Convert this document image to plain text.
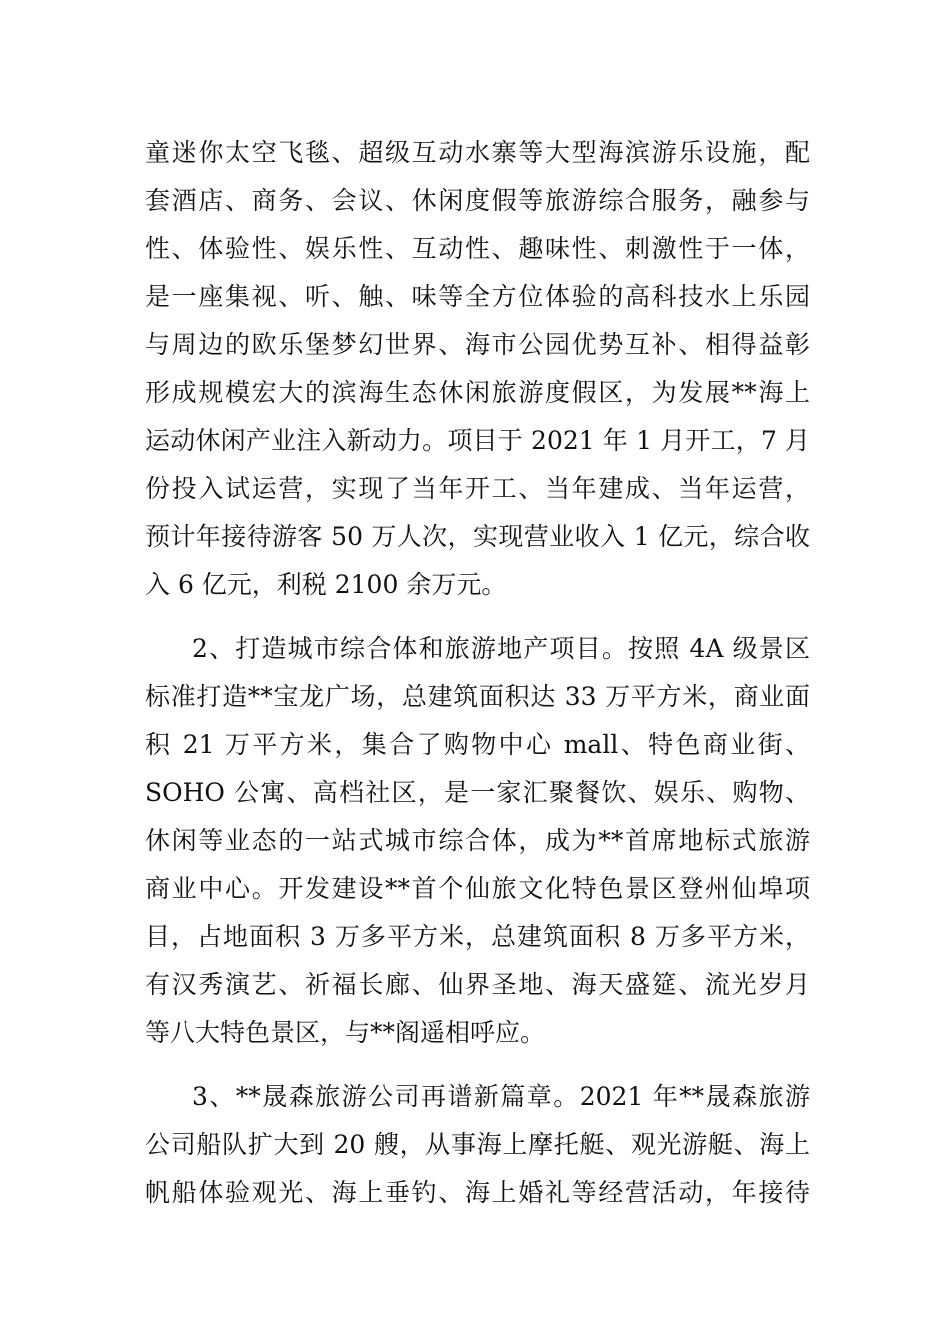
童迷你太空飞毯、超级互动水寨等大型海滨游乐设施，配
套酒店、商务、会议、休闲度假等旅游综合服务，融参与
性、体验性、娱乐性、互动性、趣味性、刺激性于一体，
是一座集视、听、触、味等全方位体验的高科技水上乐园
与周边的欧乐堡梦幻世界、海市公园优势互补、相得益彰
形成规模宏大的滨海生态休闲旅游度假区，为发展**海上
运动休闲产业注入新动力。项目于 2021 年 1 月开工，7 月
份投入试运营，实现了当年开工、当年建成、当年运营，
预计年接待游客 50 万人次，实现营业收入 1 亿元，综合收
入 6 亿元，利税 2100 余万元。
2、打造城市综合体和旅游地产项目。按照 4A 级景区
标准打造**宝龙广场，总建筑面积达 33 万平方米，商业面
积 21 万平方米，集合了购物中心 mall、特色商业街、
SOHO 公寓、高档社区，是一家汇聚餐饮、娱乐、购物、
休闲等业态的一站式城市综合体，成为**首席地标式旅游
商业中心。开发建设**首个仙旅文化特色景区登州仙埠项
目，占地面积 3 万多平方米，总建筑面积 8 万多平方米，
有汉秀演艺、祈福长廊、仙界圣地、海天盛筵、流光岁月
等八大特色景区，与**阁遥相呼应。
3、**晟森旅游公司再谱新篇章。2021 年**晟森旅游
公司船队扩大到 20 艘，从事海上摩托艇、观光游艇、海上
帆船体验观光、海上垂钓、海上婚礼等经营活动，年接待
